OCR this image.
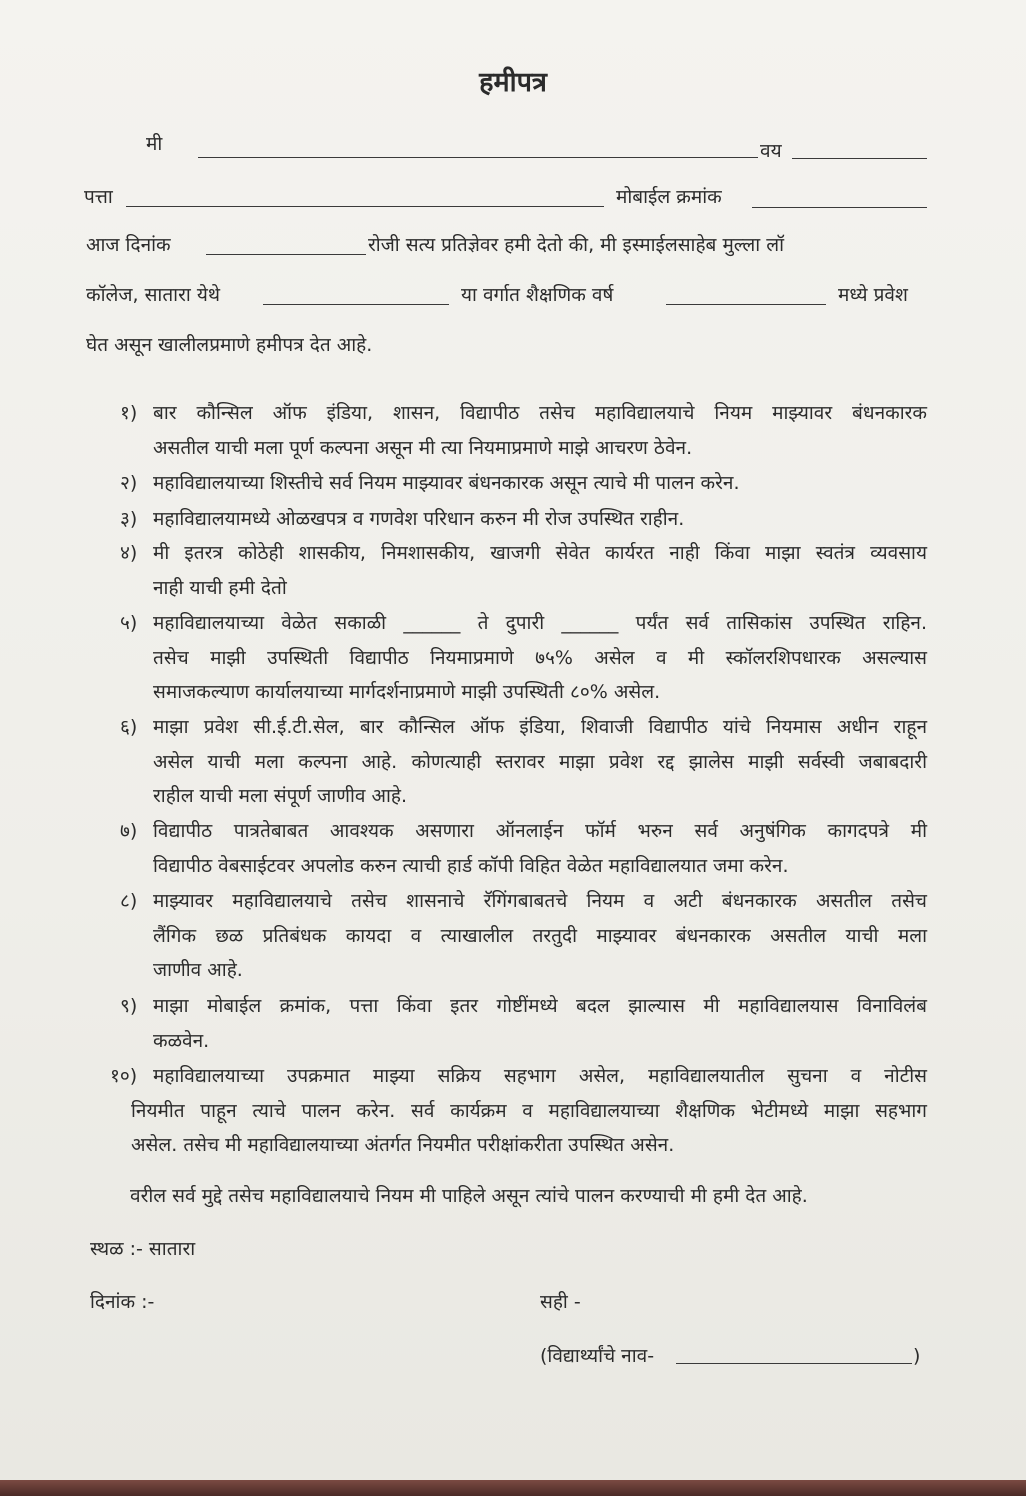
हमीपत्र
मी	वय
पत्ता	मोबाईल क्रमांक
आज दिनांक	रोजी सत्य प्रतिज्ञेवर हमी देतो की, मी इस्माईलसाहेब मुल्ला लॉ
कॉलेज, सातारा येथे	या वर्गात शैक्षणिक वर्ष	मध्ये प्रवेश
घेत असून खालीलप्रमाणे हमीपत्र देत आहे.
१) बार कौन्सिल ऑफ इंडिया, शासन, विद्यापीठ तसेच महाविद्यालयाचे नियम माझ्यावर बंधनकारक
असतील याची मला पूर्ण कल्पना असून मी त्या नियमाप्रमाणे माझे आचरण ठेवेन.
२) महाविद्यालयाच्या शिस्तीचे सर्व नियम माझ्यावर बंधनकारक असून त्याचे मी पालन करेन.
३) महाविद्यालयामध्ये ओळखपत्र व गणवेश परिधान करुन मी रोज उपस्थित राहीन.
४) मी इतरत्र कोठेही शासकीय, निमशासकीय, खाजगी सेवेत कार्यरत नाही किंवा माझा स्वतंत्र व्यवसाय
नाही याची हमी देतो
५) महाविद्यालयाच्या वेळेत सकाळी ______ ते दुपारी ______ पर्यंत सर्व तासिकांस उपस्थित राहिन.
तसेच माझी उपस्थिती विद्यापीठ नियमाप्रमाणे ७५% असेल व मी स्कॉलरशिपधारक असल्यास
समाजकल्याण कार्यालयाच्या मार्गदर्शनाप्रमाणे माझी उपस्थिती ८०% असेल.
६) माझा प्रवेश सी.ई.टी.सेल, बार कौन्सिल ऑफ इंडिया, शिवाजी विद्यापीठ यांचे नियमास अधीन राहून
असेल याची मला कल्पना आहे. कोणत्याही स्तरावर माझा प्रवेश रद्द झालेस माझी सर्वस्वी जबाबदारी
राहील याची मला संपूर्ण जाणीव आहे.
७) विद्यापीठ पात्रतेबाबत आवश्यक असणारा ऑनलाईन फॉर्म भरुन सर्व अनुषंगिक कागदपत्रे मी
विद्यापीठ वेबसाईटवर अपलोड करुन त्याची हार्ड कॉपी विहित वेळेत महाविद्यालयात जमा करेन.
८) माझ्यावर महाविद्यालयाचे तसेच शासनाचे रॅगिंगबाबतचे नियम व अटी बंधनकारक असतील तसेच
लैंगिक छळ प्रतिबंधक कायदा व त्याखालील तरतुदी माझ्यावर बंधनकारक असतील याची मला
जाणीव आहे.
९) माझा मोबाईल क्रमांक, पत्ता किंवा इतर गोष्टींमध्ये बदल झाल्यास मी महाविद्यालयास विनाविलंब
कळवेन.
१०) महाविद्यालयाच्या उपक्रमात माझ्या सक्रिय सहभाग असेल, महाविद्यालयातील सुचना व नोटीस
नियमीत पाहून त्याचे पालन करेन. सर्व कार्यक्रम व महाविद्यालयाच्या शैक्षणिक भेटीमध्ये माझा सहभाग
असेल. तसेच मी महाविद्यालयाच्या अंतर्गत नियमीत परीक्षांकरीता उपस्थित असेन.
वरील सर्व मुद्दे तसेच महाविद्यालयाचे नियम मी पाहिले असून त्यांचे पालन करण्याची मी हमी देत आहे.
स्थळ :- सातारा
दिनांक :-	सही -
(विद्यार्थ्यांचे नाव-	)
